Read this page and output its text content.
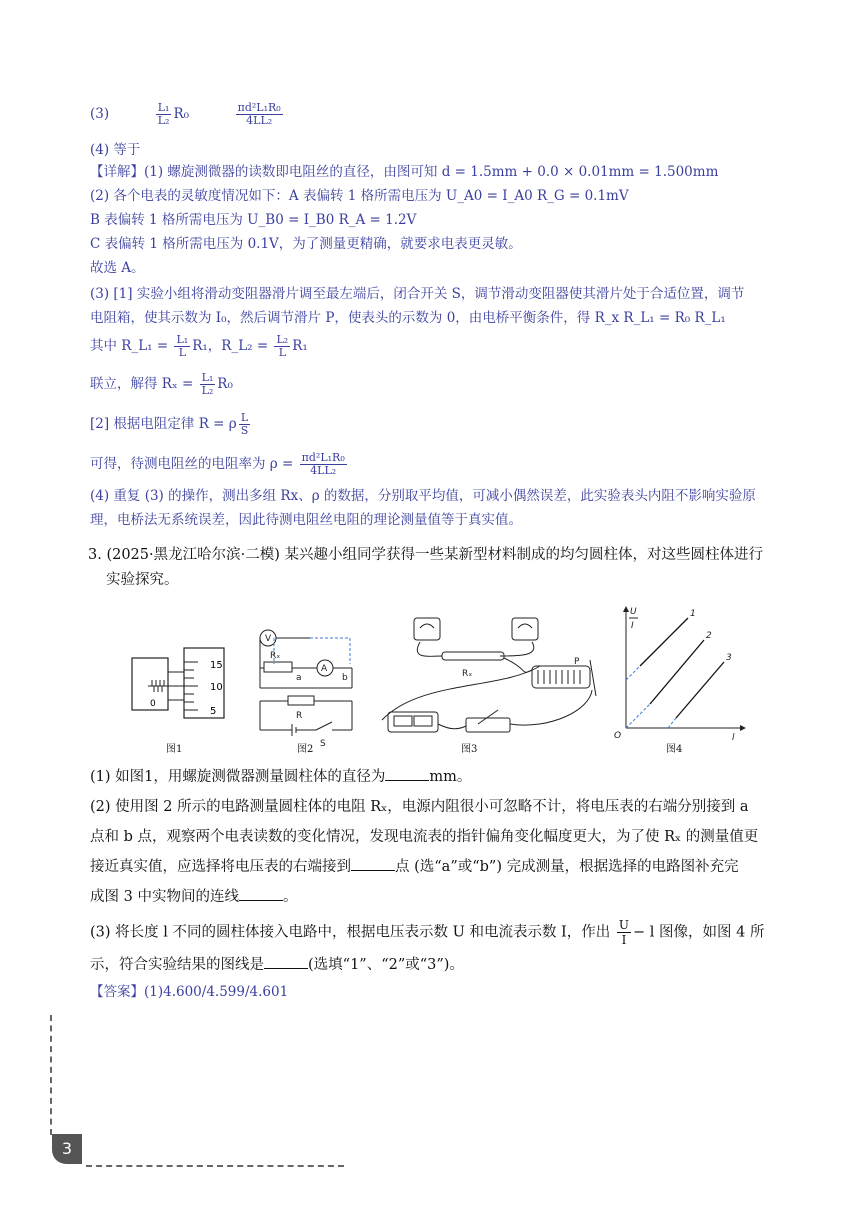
(3)	$\frac{\text{L₁}}{\text{L₂}} R_0$	$\frac{\text{πd²L₁R₀}}{\text{4LL₂}}$
(4) 等于
【详解】(1) 螺旋测微器的读数即电阻丝的直径，由图可知 d = 1.5mm + 0.0 × 0.01mm = 1.500mm
(2) 各个电表的灵敏度情况如下：A 表偏转 1 格所需电压为 U_A0 = I_A0 R_G = 0.1mV
B 表偏转 1 格所需电压为 U_B0 = I_B0 R_A = 1.2V
C 表偏转 1 格所需电压为 0.1V，为了测量更精确，就要求电表更灵敏。
故选 A。
(3) [1] 实验小组将滑动变阻器滑片调至最左端后，闭合开关 S，调节滑动变阻器使其滑片处于合适位置，调节
电阻箱，使其示数为 I₀，然后调节滑片 P，使表头的示数为 0，由电桥平衡条件，得 R_x R_L₁ = R₀ R_L₁
其中 R_L₁ = $\frac{\text{L₁}}{L} R_1$，R_L₂ = $\frac{\text{L₂}}{L} R_1$
联立，解得 $R_x = \frac{\text{L₁}}{\text{L₂}} R_0$
[2] 根据电阻定律 R = ρ $\frac{L}{S}$
可得，待测电阻丝的电阻率为 $\rho = \frac{\text{πd²L₁R₀}}{\text{4LL₂}}$
(4) 重复 (3) 的操作，测出多组 Rx、ρ 的数据，分别取平均值，可减小偶然误差，此实验表头内阻不影响实验原
理，电桥法无系统误差，因此待测电阻丝电阻的理论测量值等于真实值。
3. (2025·黑龙江哈尔滨·二模) 某兴趣小组同学获得一些某新型材料制成的均匀圆柱体，对这些圆柱体进行
实验探究。
15
10
5
0
V
A
Rₓ
a	b
R
S
Rₓ
P
U
I
l
O
1
2
3
图1	图2	图3	图4
(1) 如图1，用螺旋测微器测量圆柱体的直径为	mm。
(2) 使用图 2 所示的电路测量圆柱体的电阻 Rₓ，电源内阻很小可忽略不计，将电压表的右端分别接到 a
点和 b 点，观察两个电表读数的变化情况，发现电流表的指针偏角变化幅度更大，为了使 Rₓ 的测量值更
接近真实值，应选择将电压表的右端接到	点 (选“a”或“b”) 完成测量，根据选择的电路图补充完
成图 3 中实物间的连线	。
(3) 将长度 l 不同的圆柱体接入电路中，根据电压表示数 U 和电流表示数 I，作出 $\frac{U}{I} - l$ 图像，如图 4 所
示，符合实验结果的图线是	(选填“1”、“2”或“3”)。
【答案】(1)4.600/4.599/4.601
3
